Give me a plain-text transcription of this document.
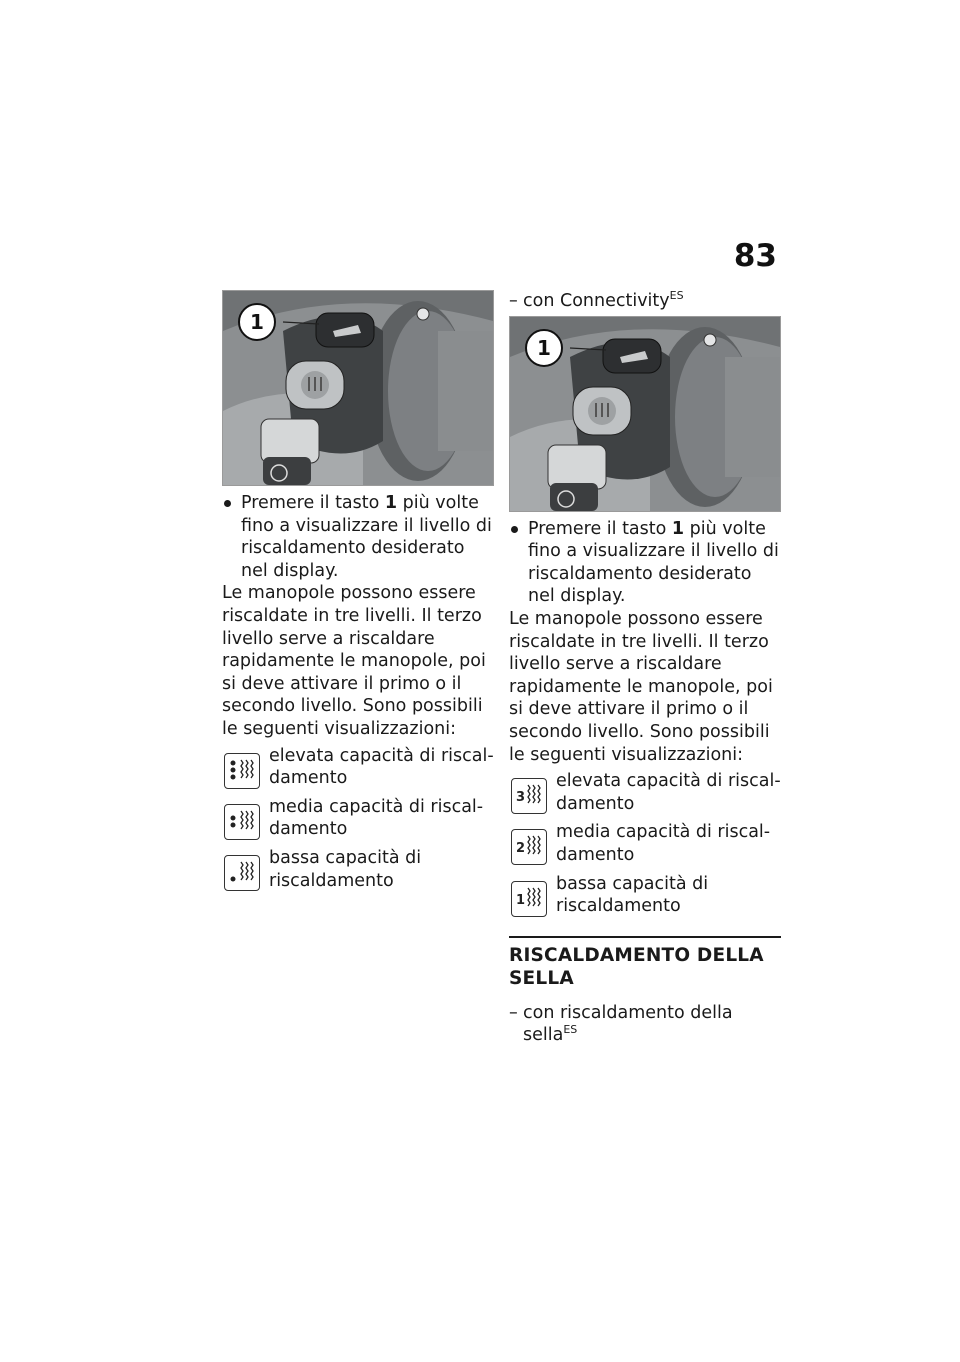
83
1
Premere il tasto 1 più volte fino a visualizzare il livello di riscaldamento desiderato nel display.

Le manopole possono essere riscaldate in tre livelli. Il terzo livello serve a riscaldare rapidamente le manopole, poi si deve attivare il primo o il secondo livello. Sono possibili le seguenti visualizzazioni:

elevata capacità di riscaldamento
media capacità di riscaldamento
bassa capacità di riscaldamento
– con Connectivity$^{ES}$
1
Premere il tasto 1 più volte fino a visualizzare il livello di riscaldamento desiderato nel display.

Le manopole possono essere riscaldate in tre livelli. Il terzo livello serve a riscaldare rapidamente le manopole, poi si deve attivare il primo o il secondo livello. Sono possibili le seguenti visualizzazioni:

3
elevata capacità di riscaldamento
2
media capacità di riscaldamento
1
bassa capacità di riscaldamento
RISCALDAMENTO DELLA SELLA
– con riscaldamento della sella$^{ES}$
